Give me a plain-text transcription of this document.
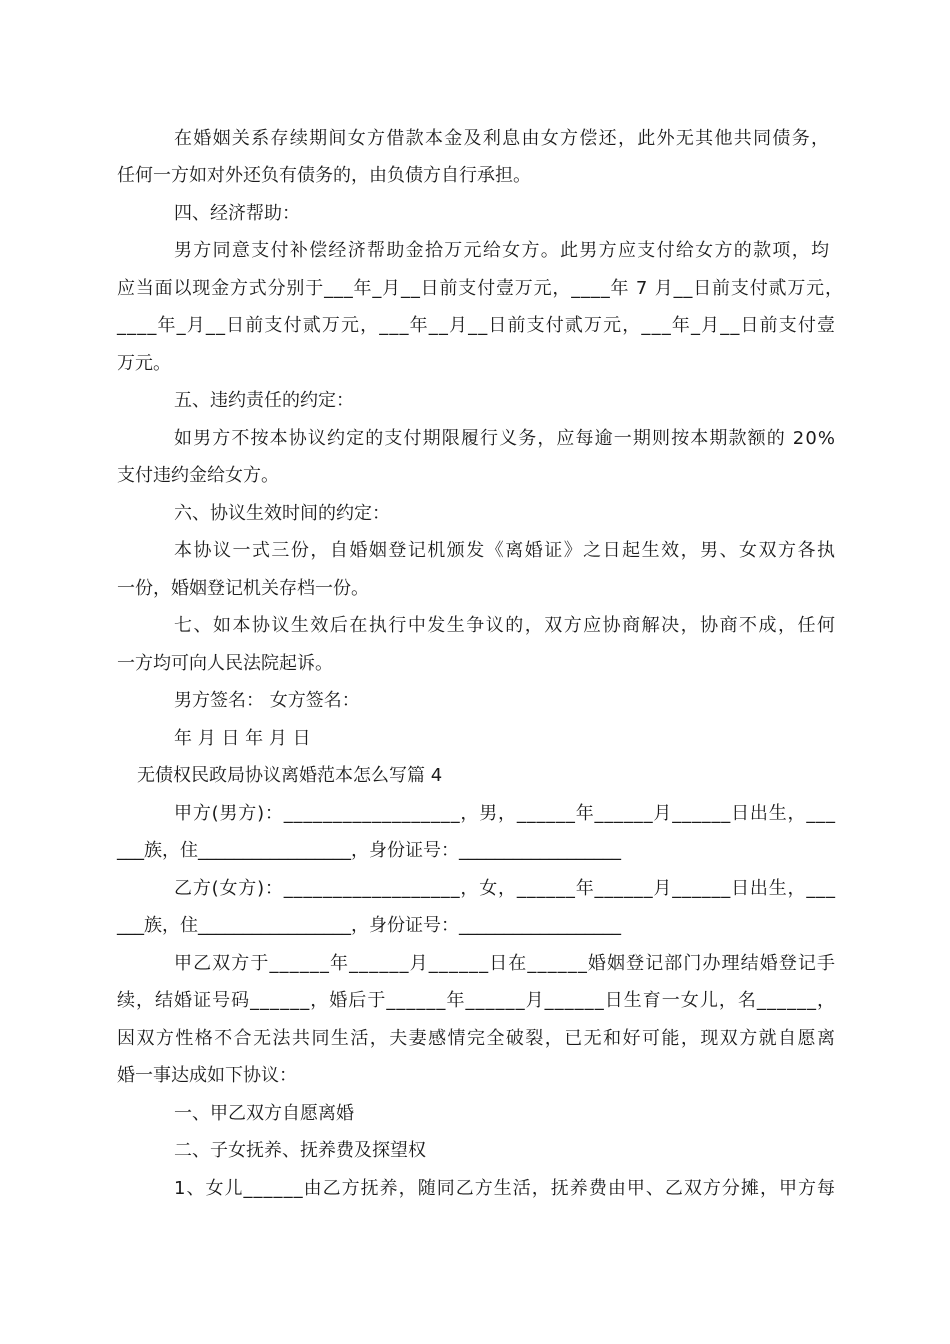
在婚姻关系存续期间女方借款本金及利息由女方偿还，此外无其他共同债务，
任何一方如对外还负有债务的，由负债方自行承担。
四、经济帮助：
男方同意支付补偿经济帮助金拾万元给女方。此男方应支付给女方的款项，均
应当面以现金方式分别于___年_月__日前支付壹万元，____年 7 月__日前支付贰万元，
____年_月__日前支付贰万元，___年__月__日前支付贰万元，___年_月__日前支付壹
万元。
五、违约责任的约定：
如男方不按本协议约定的支付期限履行义务，应每逾一期则按本期款额的 20%
支付违约金给女方。
六、协议生效时间的约定：
本协议一式三份，自婚姻登记机颁发《离婚证》之日起生效，男、女双方各执
一份，婚姻登记机关存档一份。
七、如本协议生效后在执行中发生争议的，双方应协商解决，协商不成，任何
一方均可向人民法院起诉。
男方签名： 女方签名：
年 月 日 年 月 日
无债权民政局协议离婚范本怎么写篇 4
甲方(男方)：__________________，男，______年______月______日出生，___
___族，住_________________，身份证号：__________________
乙方(女方)：__________________，女，______年______月______日出生，___
___族，住_________________，身份证号：__________________
甲乙双方于______年______月______日在______婚姻登记部门办理结婚登记手
续，结婚证号码______，婚后于______年______月______日生育一女儿，名______，
因双方性格不合无法共同生活，夫妻感情完全破裂，已无和好可能，现双方就自愿离
婚一事达成如下协议：
一、甲乙双方自愿离婚
二、子女抚养、抚养费及探望权
1、女儿______由乙方抚养，随同乙方生活，抚养费由甲、乙双方分摊，甲方每
